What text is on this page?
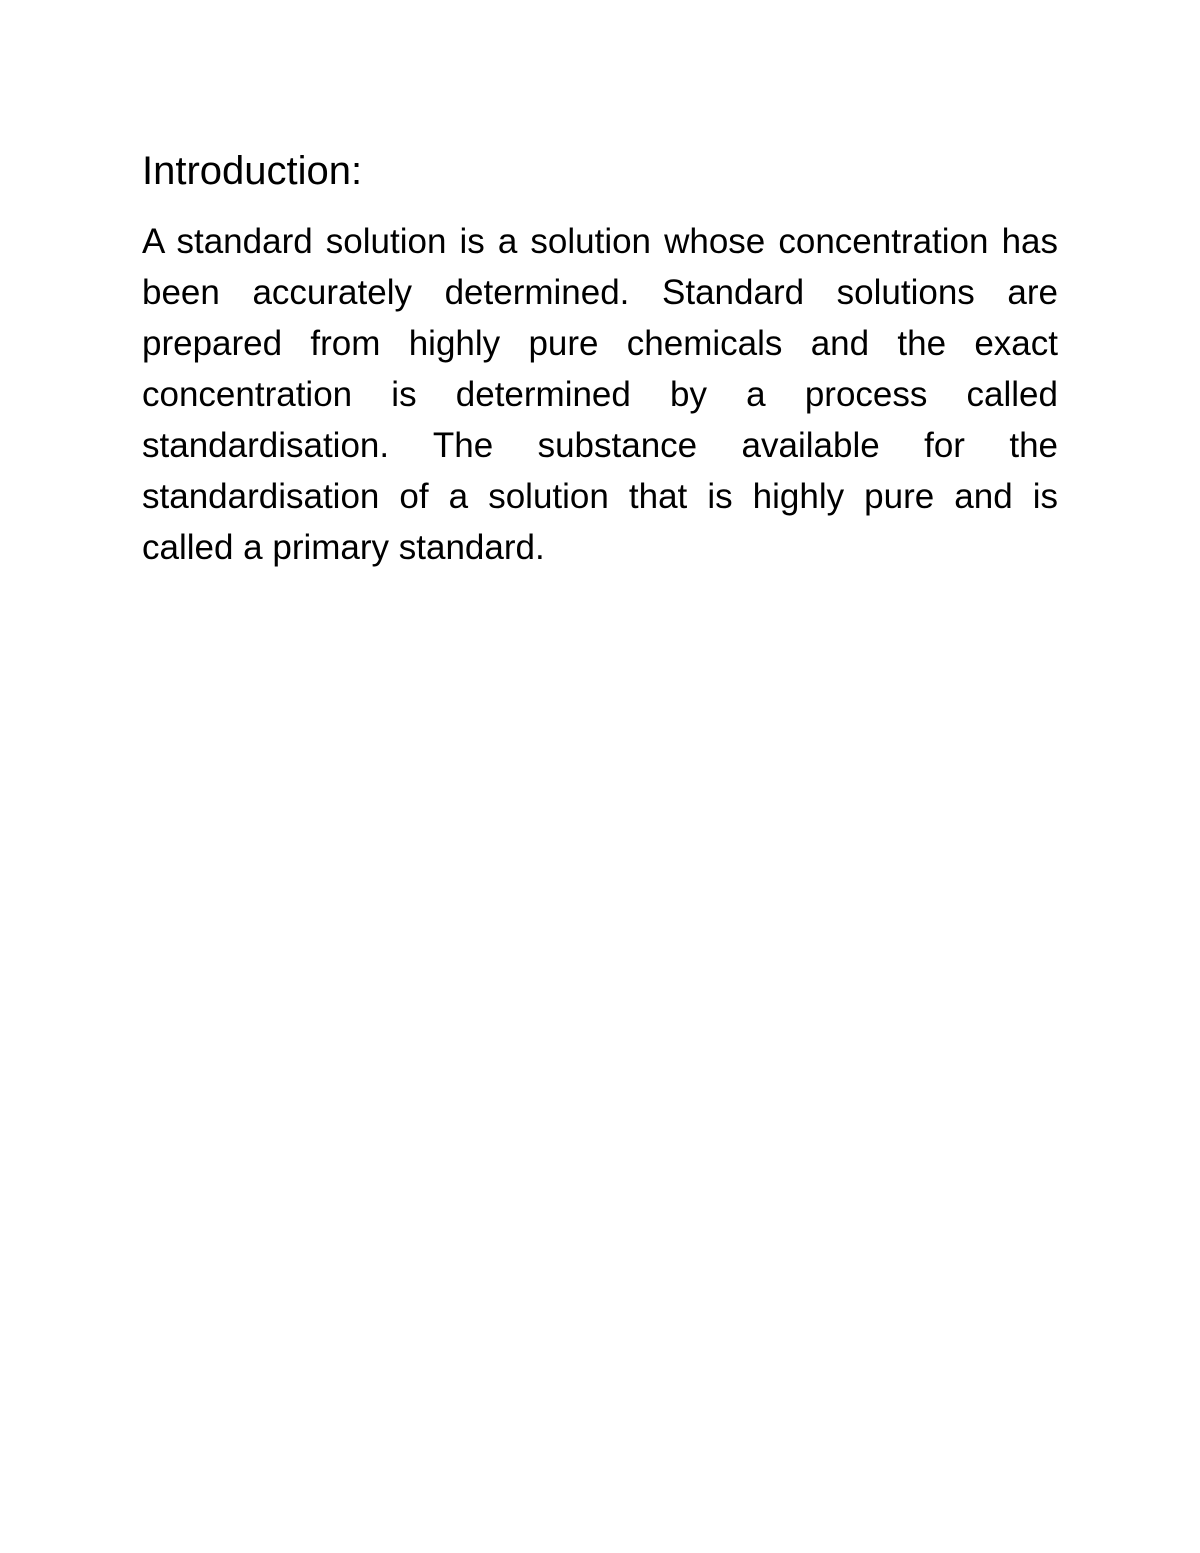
Introduction:

A standard solution is a solution whose concentration has been accurately determined. Standard solutions are prepared from highly pure chemicals and the exact concentration is determined by a process called standardisation. The substance available for the standardisation of a solution that is highly pure and is called a primary standard.
